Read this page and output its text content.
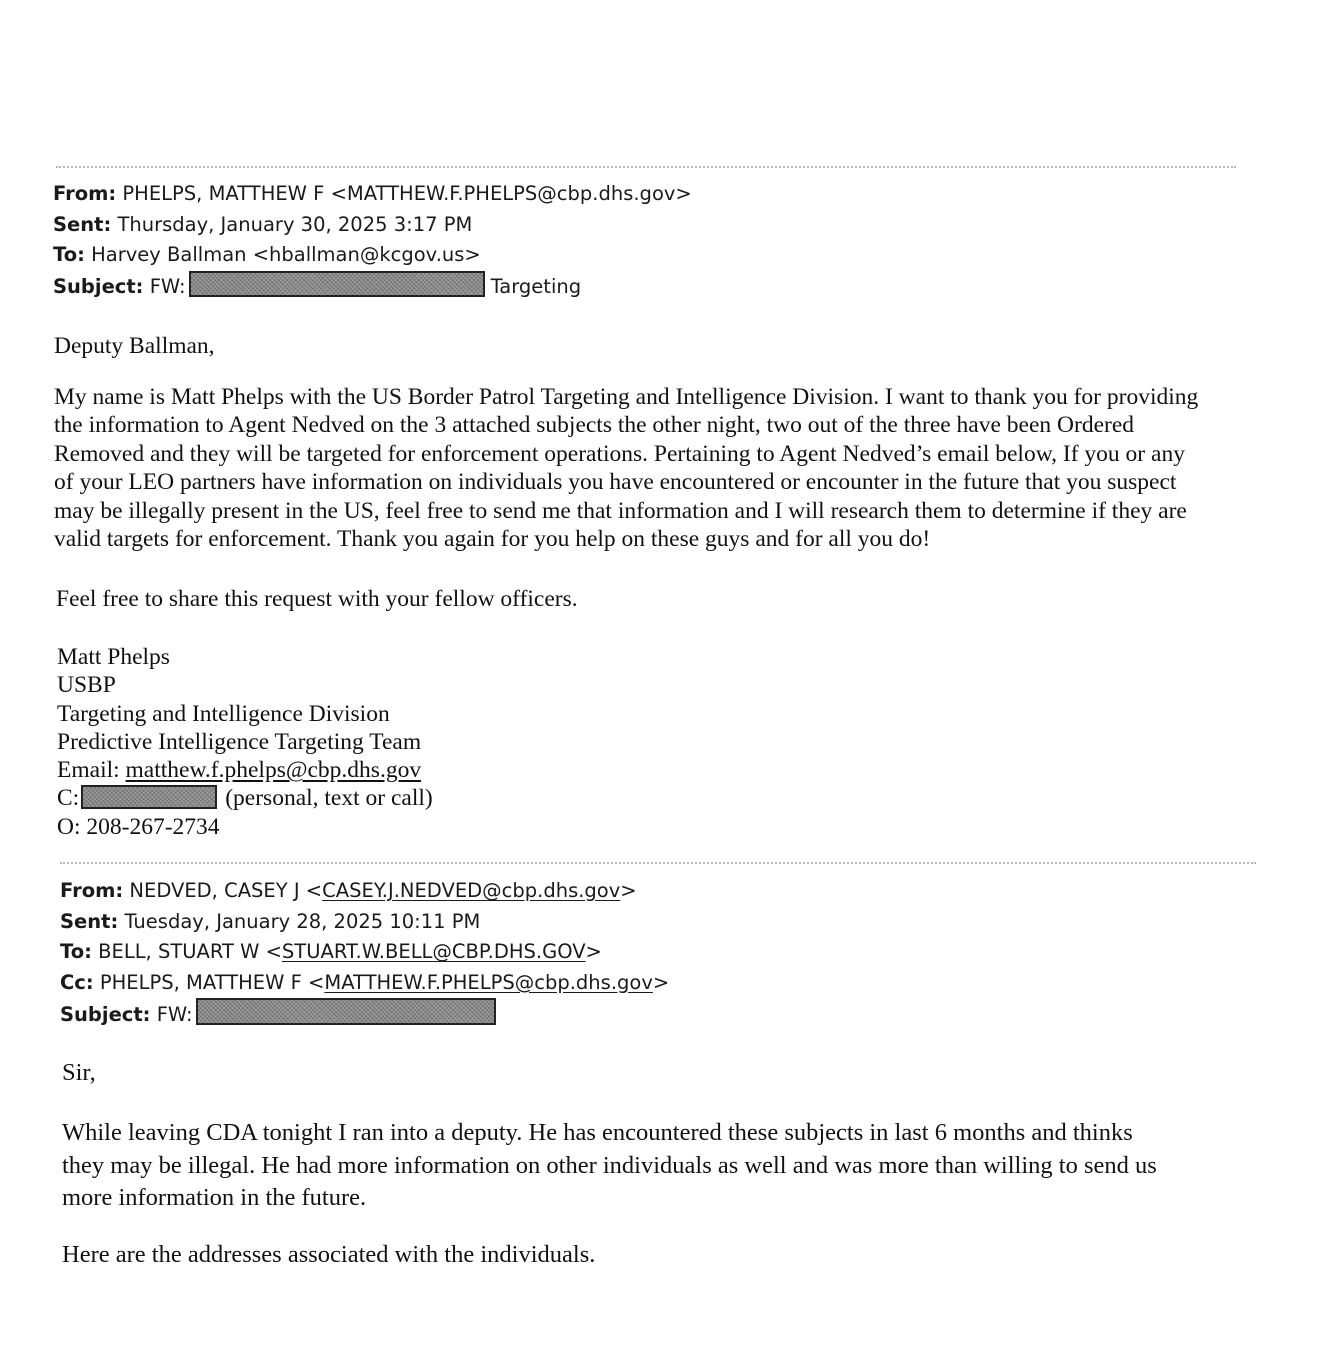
From: PHELPS, MATTHEW F <MATTHEW.F.PHELPS@cbp.dhs.gov>
Sent: Thursday, January 30, 2025 3:17 PM
To: Harvey Ballman <hballman@kcgov.us>
Subject: FW:	Targeting
Deputy Ballman,
My name is Matt Phelps with the US Border Patrol Targeting and Intelligence Division. I want to thank you for providing
the information to Agent Nedved on the 3 attached subjects the other night, two out of the three have been Ordered
Removed and they will be targeted for enforcement operations. Pertaining to Agent Nedved’s email below, If you or any
of your LEO partners have information on individuals you have encountered or encounter in the future that you suspect
may be illegally present in the US, feel free to send me that information and I will research them to determine if they are
valid targets for enforcement. Thank you again for you help on these guys and for all you do!
Feel free to share this request with your fellow officers.
Matt Phelps
USBP
Targeting and Intelligence Division
Predictive Intelligence Targeting Team
Email: matthew.f.phelps@cbp.dhs.gov
C:	(personal, text or call)
O: 208-267-2734
From: NEDVED, CASEY J <CASEY.J.NEDVED@cbp.dhs.gov>
Sent: Tuesday, January 28, 2025 10:11 PM
To: BELL, STUART W <STUART.W.BELL@CBP.DHS.GOV>
Cc: PHELPS, MATTHEW F <MATTHEW.F.PHELPS@cbp.dhs.gov>
Subject: FW:
Sir,
While leaving CDA tonight I ran into a deputy. He has encountered these subjects in last 6 months and thinks
they may be illegal. He had more information on other individuals as well and was more than willing to send us
more information in the future.
Here are the addresses associated with the individuals.
